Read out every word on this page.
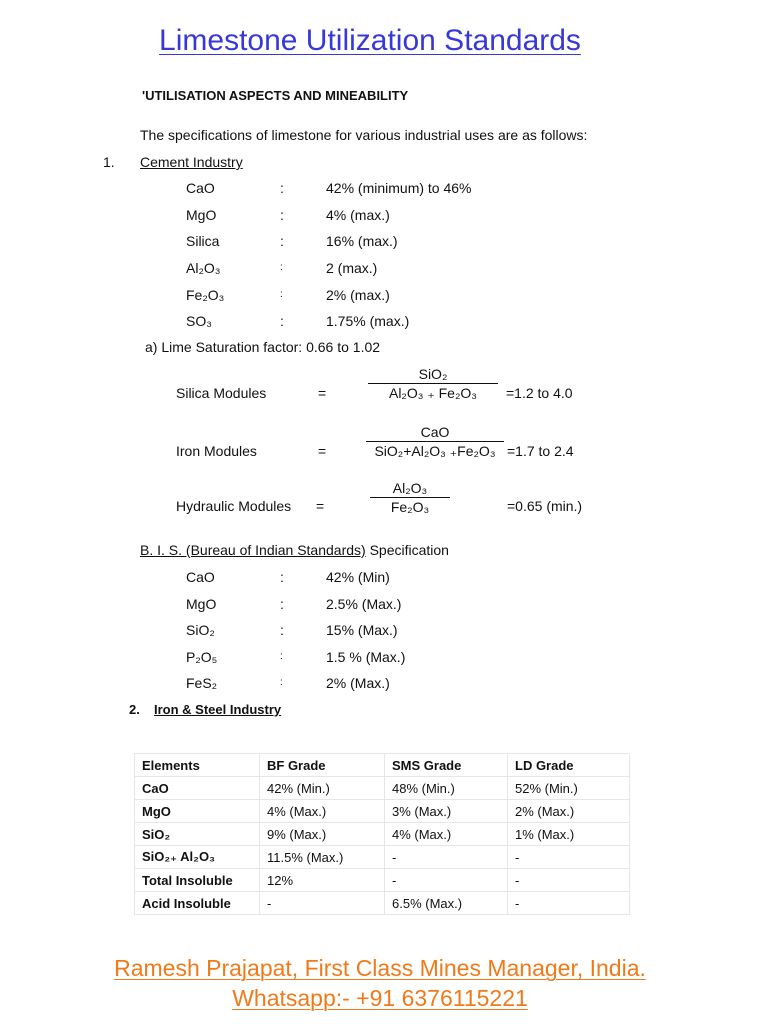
Limestone Utilization Standards
'UTILISATION ASPECTS AND MINEABILITY
The specifications of limestone for various industrial uses are as follows:
1. Cement Industry
CaO	:	42% (minimum) to 46%
MgO	:	4% (max.)
Silica	:	16% (max.)
Al₂O₃	:	2 (max.)
Fe₂O₃	:	2% (max.)
SO₃	:	1.75% (max.)
a) Lime Saturation factor: 0.66 to 1.02
Silica Modules	=
SiO₂
Al₂O₃ ₊ Fe₂O₃	=1.2 to 4.0
Iron Modules	=
CaO
SiO₂+Al₂O₃ ₊Fe₂O₃ =1.7 to 2.4
Hydraulic Modules =	$\frac{\text{Al₂O₃}}{\text{Fe₂O₃}}$	=0.65 (min.)
B. I. S. (Bureau of Indian Standards) Specification
CaO	:	42% (Min)
MgO	:	2.5% (Max.)
SiO₂	:	15% (Max.)
P₂O₅	:	1.5 % (Max.)
FeS₂	:	2% (Max.)
2. Iron & Steel Industry
Elements	BF Grade	SMS Grade	LD Grade
CaO	42% (Min.)	48% (Min.)	52% (Min.)
MgO	4% (Max.)	3% (Max.)	2% (Max.)
SiO₂	9% (Max.)	4% (Max.)	1% (Max.)
SiO₂₊ Al₂O₃	11.5% (Max.)	-	-
Total Insoluble	12%	-	-
Acid Insoluble	-	6.5% (Max.)	-
Ramesh Prajapat, First Class Mines Manager, India.
Whatsapp:- +91 6376115221
